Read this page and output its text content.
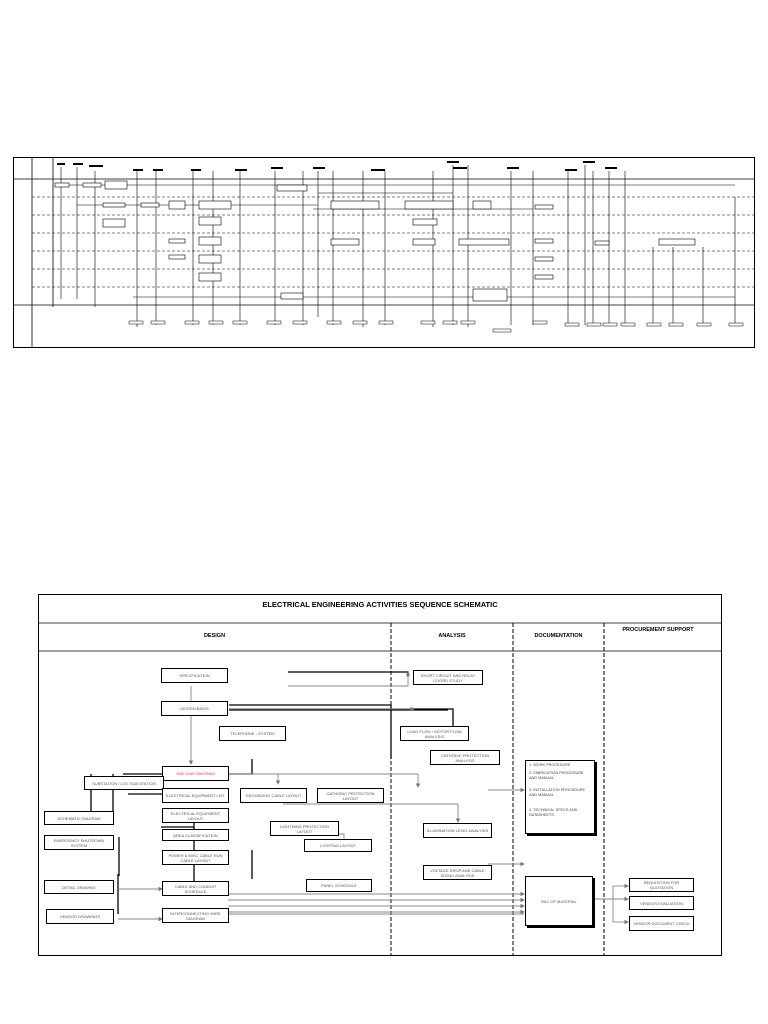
ELECTRICAL ENGINEERING ACTIVITIES SEQUENCE SCHEMATIC
DESIGN	ANALYSIS	DOCUMENTATION
PROCUREMENT SUPPORT
SPECIFICATION
DESIGN BASIS
TELEPHONE - SYSTEM
ONE LINE DIAGRAM
SUBSTATION / LOC SUB STATION
ELECTRICAL EQUIPMENT LIST	GROUNDING CABLE LAYOUT	CATHODIC PROTECTION LAYOUT
ELECTRICAL EQUIPMENT LAYOUT
SCHEMATIC DIAGRAM
LIGHTNING PROTECTION LAYOUT
AREA CLASSIFICATION
EMERGENCY SHUTDOWN SYSTEM	LIGHTING LAYOUT
POWER & MISC CABLE RUN CABLE LAYOUT
DETAIL DRAWING	PANEL SCHEDULE
CABLE AND CONDUIT SCHEDULE
VENDOR DRAWINGS
INTERCONNECTING WIRE DIAGRAM
SHORT CIRCUIT AND RELAY COORD STUDY
LOAD FLOW / MOTOR FLOW ANALYSIS
CATHODIC PROTECTION ANALYSIS
ILLUMINATION LEVEL ANALYSIS
VOLTAGE DROP AND CABLE SIZING ANALYSIS
1. WORK PROCEDURE
2. FABRICATION PROCEDURE AND MANUAL
3. INSTALLATION PROCEDURE AND MANUAL
4. TECHNICAL SPECS AND DATASHEETS
BILL OF MATERIAL
REQUISITION FOR QUOTATION
VENDOR EVALUATION
VENDOR DOCUMENT CHECK
